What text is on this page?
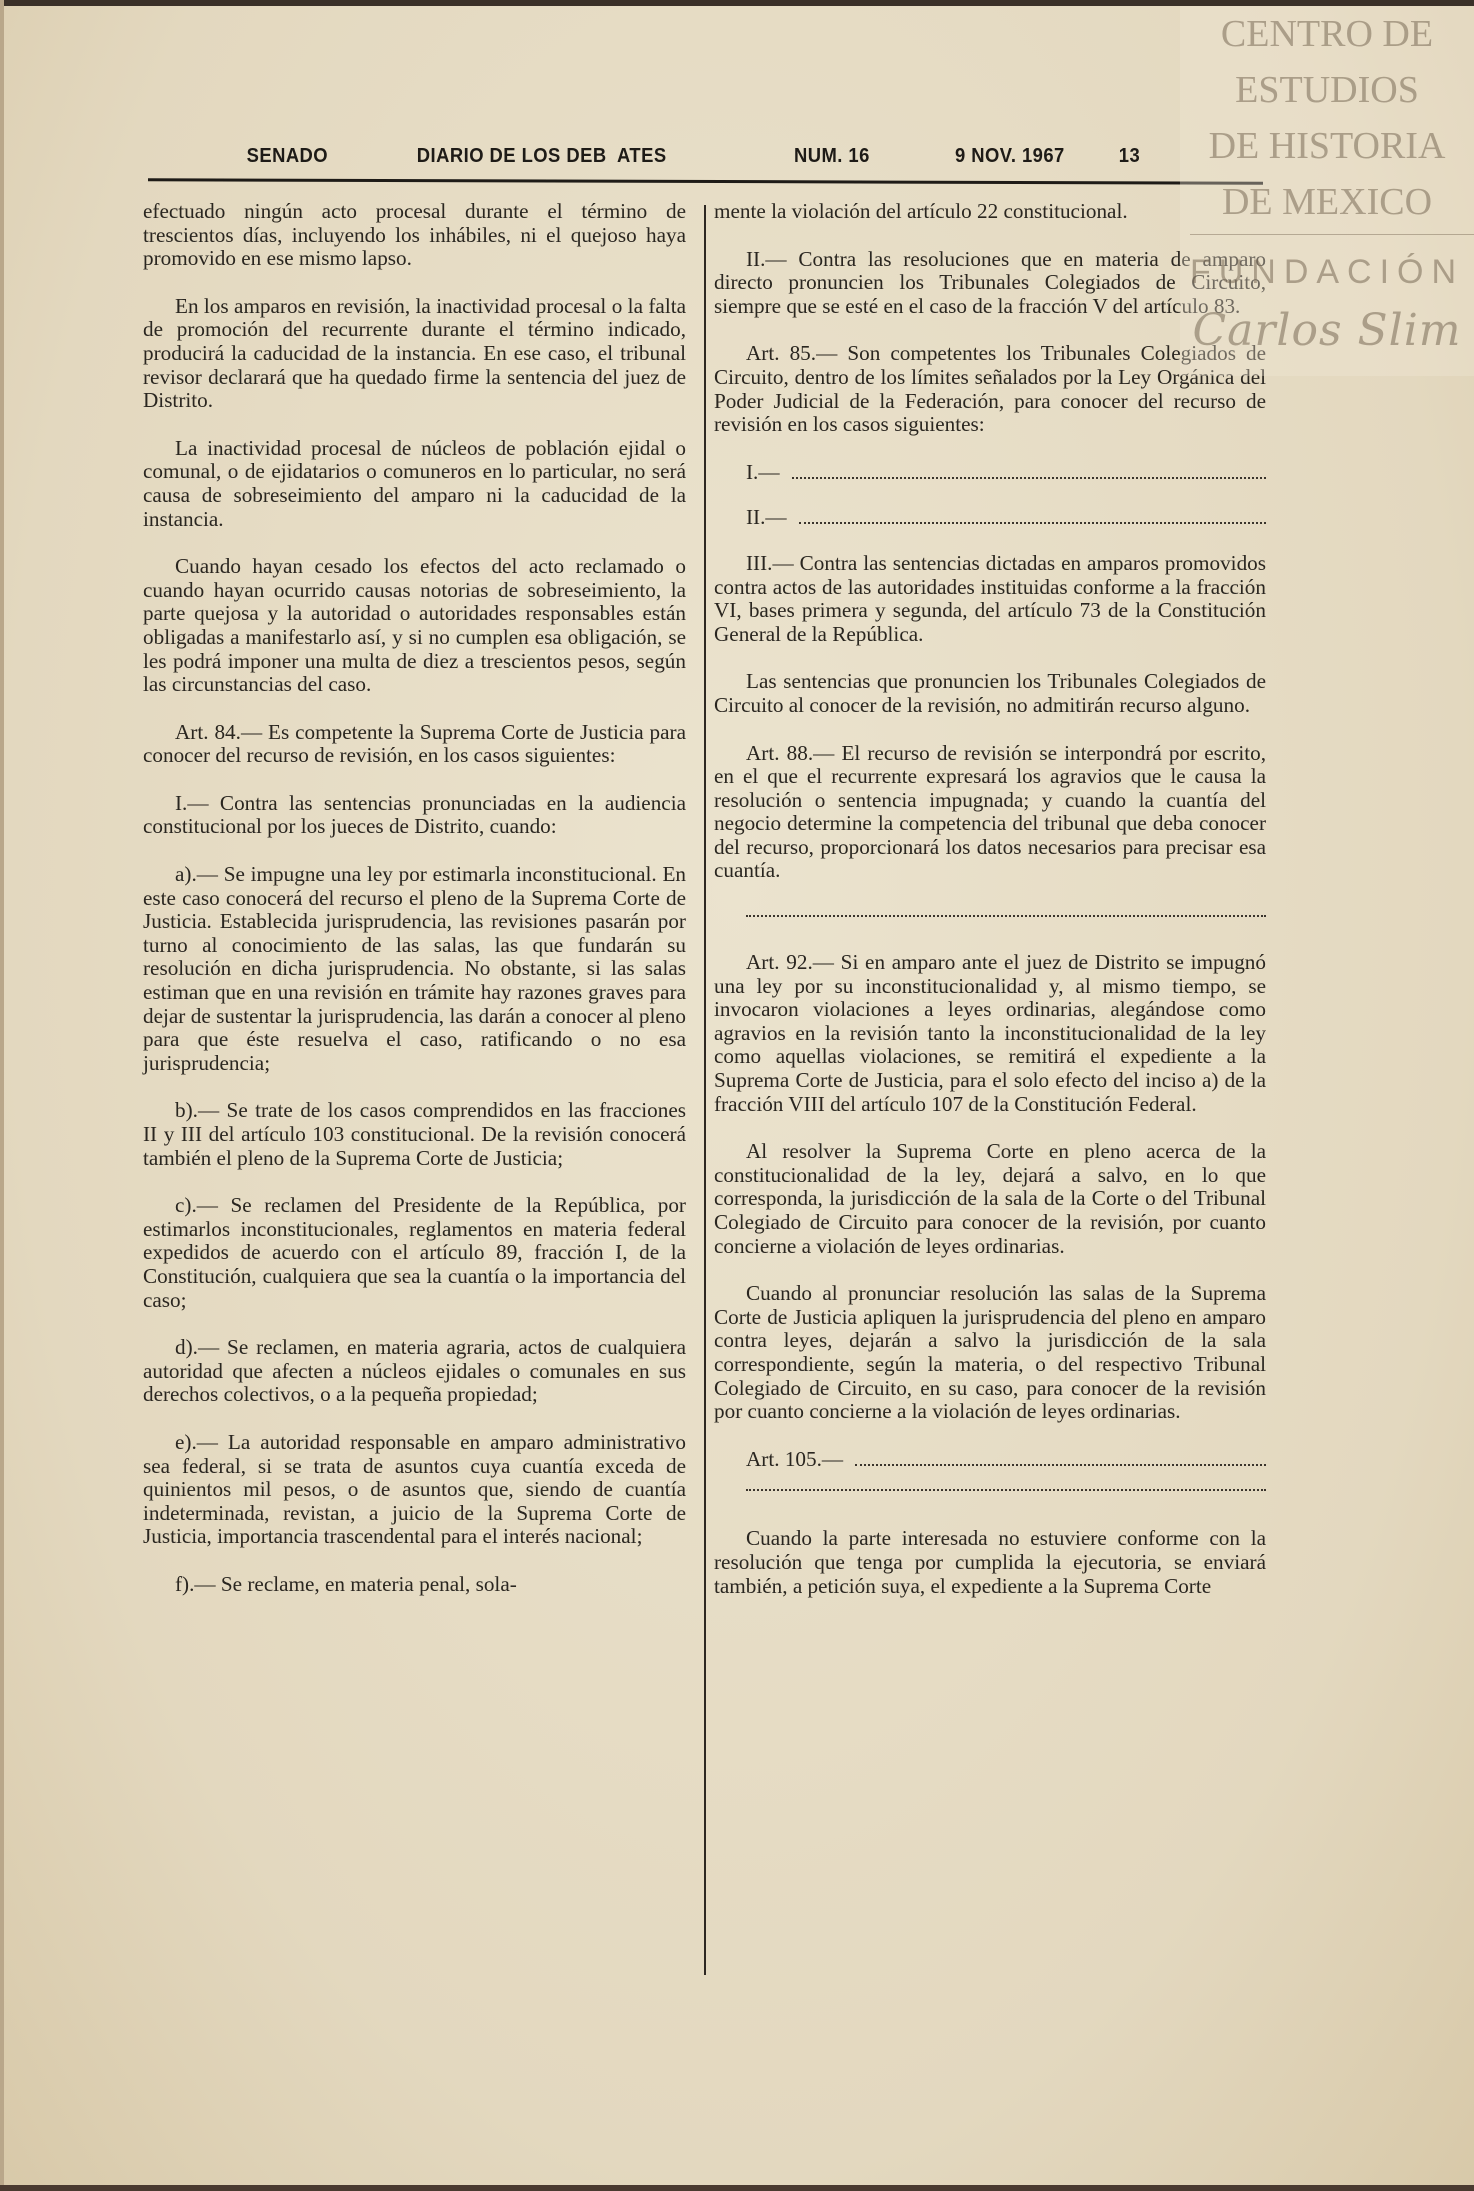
SENADO	DIARIO DE LOS DEB  ATES	NUM. 16	9 NOV. 1967	13

efectuado ningún acto procesal durante el término de trescientos días, incluyendo los inhábiles, ni el quejoso haya promovido en ese mismo lapso.

En los amparos en revisión, la inactividad procesal o la falta de promoción del recurrente durante el término indicado, producirá la caducidad de la instancia. En ese caso, el tribunal revisor declarará que ha quedado firme la sentencia del juez de Distrito.

La inactividad procesal de núcleos de población ejidal o comunal, o de ejidatarios o comuneros en lo particular, no será causa de sobreseimiento del amparo ni la caducidad de la instancia.

Cuando hayan cesado los efectos del acto reclamado o cuando hayan ocurrido causas notorias de sobreseimiento, la parte quejosa y la autoridad o autoridades responsables están obligadas a manifestarlo así, y si no cumplen esa obligación, se les podrá imponer una multa de diez a trescientos pesos, según las circunstancias del caso.

Art. 84.— Es competente la Suprema Corte de Justicia para conocer del recurso de revisión, en los casos siguientes:

I.— Contra las sentencias pronunciadas en la audiencia constitucional por los jueces de Distrito, cuando:

a).— Se impugne una ley por estimarla inconstitucional. En este caso conocerá del recurso el pleno de la Suprema Corte de Justicia. Establecida jurisprudencia, las revisiones pasarán por turno al conocimiento de las salas, las que fundarán su resolución en dicha jurisprudencia. No obstante, si las salas estiman que en una revisión en trámite hay razones graves para dejar de sustentar la jurisprudencia, las darán a conocer al pleno para que éste resuelva el caso, ratificando o no esa jurisprudencia;

b).— Se trate de los casos comprendidos en las fracciones II y III del artículo 103 constitucional. De la revisión conocerá también el pleno de la Suprema Corte de Justicia;

c).— Se reclamen del Presidente de la República, por estimarlos inconstitucionales, reglamentos en materia federal expedidos de acuerdo con el artículo 89, fracción I, de la Constitución, cualquiera que sea la cuantía o la importancia del caso;

d).— Se reclamen, en materia agraria, actos de cualquiera autoridad que afecten a núcleos ejidales o comunales en sus derechos colectivos, o a la pequeña propiedad;

e).— La autoridad responsable en amparo administrativo sea federal, si se trata de asuntos cuya cuantía exceda de quinientos mil pesos, o de asuntos que, siendo de cuantía indeterminada, revistan, a juicio de la Suprema Corte de Justicia, importancia trascendental para el interés nacional;

f).— Se reclame, en materia penal, sola-

mente la violación del artículo 22 constitucional.

II.— Contra las resoluciones que en materia de amparo directo pronuncien los Tribunales Colegiados de Circuito, siempre que se esté en el caso de la fracción V del artículo 83.

Art. 85.— Son competentes los Tribunales Colegiados de Circuito, dentro de los límites señalados por la Ley Orgánica del Poder Judicial de la Federación, para conocer del recurso de revisión en los casos siguientes:

I.—
II.—

III.— Contra las sentencias dictadas en amparos promovidos contra actos de las autoridades instituidas conforme a la fracción VI, bases primera y segunda, del artículo 73 de la Constitución General de la República.

Las sentencias que pronuncien los Tribunales Colegiados de Circuito al conocer de la revisión, no admitirán recurso alguno.

Art. 88.— El recurso de revisión se interpondrá por escrito, en el que el recurrente expresará los agravios que le causa la resolución o sentencia impugnada; y cuando la cuantía del negocio determine la competencia del tribunal que deba conocer del recurso, proporcionará los datos necesarios para precisar esa cuantía.

Art. 92.— Si en amparo ante el juez de Distrito se impugnó una ley por su inconstitucionalidad y, al mismo tiempo, se invocaron violaciones a leyes ordinarias, alegándose como agravios en la revisión tanto la inconstitucionalidad de la ley como aquellas violaciones, se remitirá el expediente a la Suprema Corte de Justicia, para el solo efecto del inciso a) de la fracción VIII del artículo 107 de la Constitución Federal.

Al resolver la Suprema Corte en pleno acerca de la constitucionalidad de la ley, dejará a salvo, en lo que corresponda, la jurisdicción de la sala de la Corte o del Tribunal Colegiado de Circuito para conocer de la revisión, por cuanto concierne a violación de leyes ordinarias.

Cuando al pronunciar resolución las salas de la Suprema Corte de Justicia apliquen la jurisprudencia del pleno en amparo contra leyes, dejarán a salvo la jurisdicción de la sala correspondiente, según la materia, o del respectivo Tribunal Colegiado de Circuito, en su caso, para conocer de la revisión por cuanto concierne a la violación de leyes ordinarias.

Art. 105.—

Cuando la parte interesada no estuviere conforme con la resolución que tenga por cumplida la ejecutoria, se enviará también, a petición suya, el expediente a la Suprema Corte

CENTRO DE
ESTUDIOS
DE HISTORIA
DE MEXICO
FUNDACIÓN
Carlos Slim
